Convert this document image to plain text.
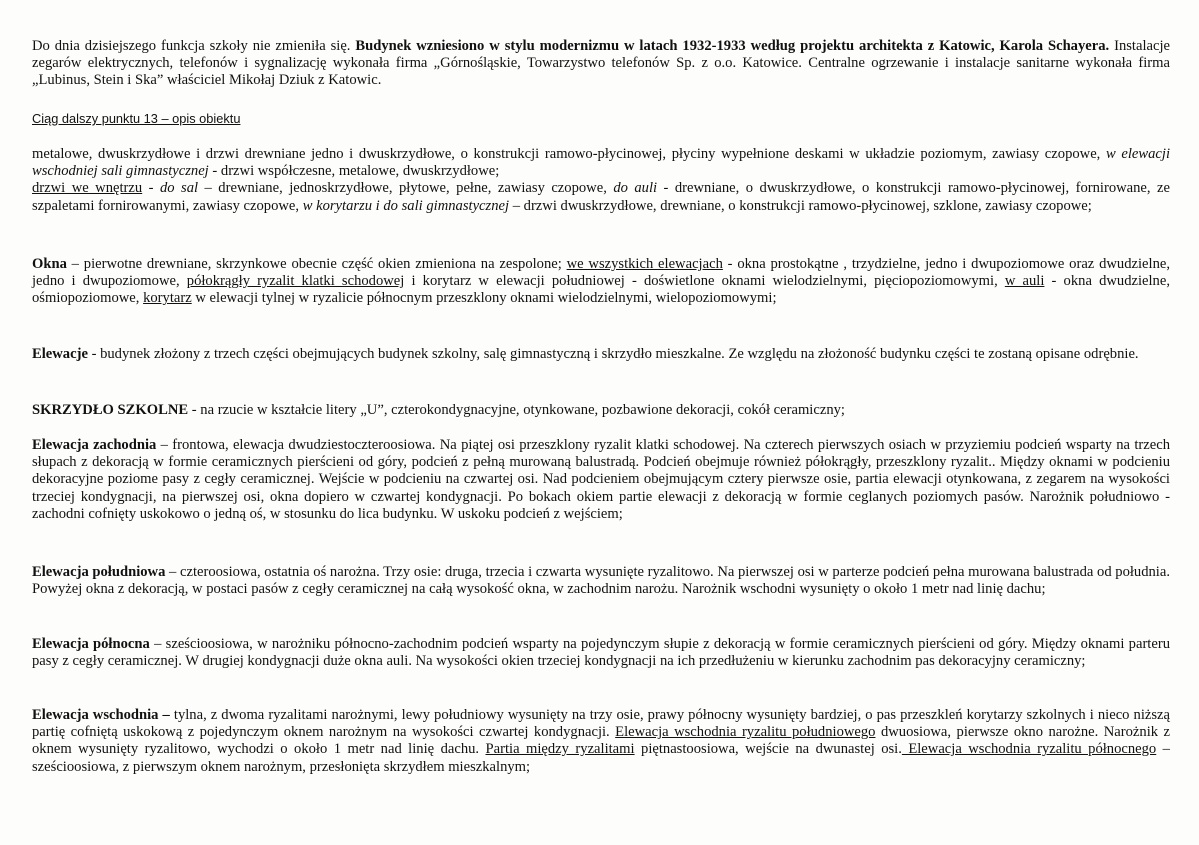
Do dnia dzisiejszego funkcja szkoły nie zmieniła się. Budynek wzniesiono w stylu modernizmu w latach 1932-1933 według projektu architekta z Katowic, Karola Schayera. Instalacje zegarów elektrycznych, telefonów i sygnalizację wykonała firma „Górnośląskie, Towarzystwo telefonów Sp. z o.o. Katowice. Centralne ogrzewanie i instalacje sanitarne wykonała firma „Lubinus, Stein i Ska” właściciel Mikołaj Dziuk z Katowic.

Ciąg dalszy punktu 13 – opis obiektu

metalowe, dwuskrzydłowe i drzwi drewniane jedno i dwuskrzydłowe, o konstrukcji ramowo-płycinowej, płyciny wypełnione deskami w układzie poziomym, zawiasy czopowe, w elewacji wschodniej sali gimnastycznej - drzwi współczesne, metalowe, dwuskrzydłowe;
drzwi we wnętrzu - do sal – drewniane, jednoskrzydłowe, płytowe, pełne, zawiasy czopowe, do auli - drewniane, o dwuskrzydłowe, o konstrukcji ramowo-płycinowej, fornirowane, ze szpaletami fornirowanymi, zawiasy czopowe, w korytarzu i do sali gimnastycznej – drzwi dwuskrzydłowe, drewniane, o konstrukcji ramowo-płycinowej, szklone, zawiasy czopowe;

Okna – pierwotne drewniane, skrzynkowe obecnie część okien zmieniona na zespolone; we wszystkich elewacjach - okna prostokątne , trzydzielne, jedno i dwupoziomowe oraz dwudzielne, jedno i dwupoziomowe, półokrągły ryzalit klatki schodowej i korytarz w elewacji południowej - doświetlone oknami wielodzielnymi, pięciopoziomowymi, w auli - okna dwudzielne, ośmiopoziomowe, korytarz w elewacji tylnej w ryzalicie północnym przeszklony oknami wielodzielnymi, wielopoziomowymi;

Elewacje - budynek złożony z trzech części obejmujących budynek szkolny, salę gimnastyczną i skrzydło mieszkalne. Ze względu na złożoność budynku części te zostaną opisane odrębnie.

SKRZYDŁO SZKOLNE - na rzucie w kształcie litery „U”, czterokondygnacyjne, otynkowane, pozbawione dekoracji, cokół ceramiczny;

Elewacja zachodnia – frontowa, elewacja dwudziestoczteroosiowa. Na piątej osi przeszklony ryzalit klatki schodowej. Na czterech pierwszych osiach w przyziemiu podcień wsparty na trzech słupach z dekoracją w formie ceramicznych pierścieni od góry, podcień z pełną murowaną balustradą. Podcień obejmuje również półokrągły, przeszklony ryzalit.. Między oknami w podcieniu dekoracyjne poziome pasy z cegły ceramicznej. Wejście w podcieniu na czwartej osi. Nad podcieniem obejmującym cztery pierwsze osie, partia elewacji otynkowana, z zegarem na wysokości trzeciej kondygnacji, na pierwszej osi, okna dopiero w czwartej kondygnacji. Po bokach okiem partie elewacji z dekoracją w formie ceglanych poziomych pasów. Narożnik południowo - zachodni cofnięty uskokowo o jedną oś, w stosunku do lica budynku. W uskoku podcień z wejściem;

Elewacja południowa – czteroosiowa, ostatnia oś narożna. Trzy osie: druga, trzecia i czwarta wysunięte ryzalitowo. Na pierwszej osi w parterze podcień pełna murowana balustrada od południa. Powyżej okna z dekoracją, w postaci pasów z cegły ceramicznej na całą wysokość okna, w zachodnim narożu. Narożnik wschodni wysunięty o około 1 metr nad linię dachu;

Elewacja północna – sześcioosiowa, w narożniku północno-zachodnim podcień wsparty na pojedynczym słupie z dekoracją w formie ceramicznych pierścieni od góry. Między oknami parteru pasy z cegły ceramicznej. W drugiej kondygnacji duże okna auli. Na wysokości okien trzeciej kondygnacji na ich przedłużeniu w kierunku zachodnim pas dekoracyjny ceramiczny;

Elewacja wschodnia – tylna, z dwoma ryzalitami narożnymi, lewy południowy wysunięty na trzy osie, prawy północny wysunięty bardziej, o pas przeszkleń korytarzy szkolnych i nieco niższą partię cofniętą uskokową z pojedynczym oknem narożnym na wysokości czwartej kondygnacji. Elewacja wschodnia ryzalitu południowego dwuosiowa, pierwsze okno narożne. Narożnik z oknem wysunięty ryzalitowo, wychodzi o około 1 metr nad linię dachu. Partia między ryzalitami piętnastoosiowa, wejście na dwunastej osi. Elewacja wschodnia ryzalitu północnego – sześcioosiowa, z pierwszym oknem narożnym, przesłonięta skrzydłem mieszkalnym;
